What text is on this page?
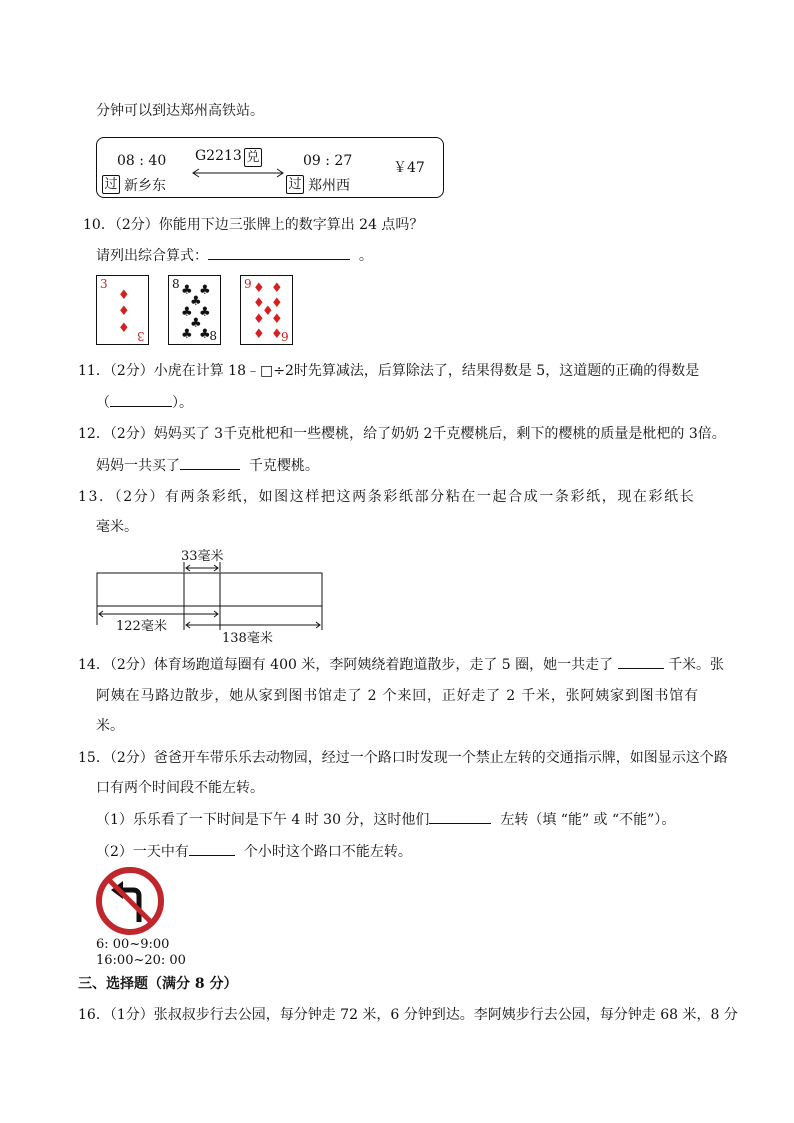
分钟可以到达郑州高铁站。
08 : 40 G2213 兑	09 : 27	￥47
过 新乡东	过 郑州西
10．（2分）你能用下边三张牌上的数字算出 24 点吗？
请列出综合算式：	。
3
♦
♦
♦ 3
8 ♣ ♣
♣
♣ ♣
♣
♣ ♣
8
9 ♦ ♦
♦ ♦
♦
♦ ♦
♦ ♦
6
11．（2分）小虎在计算 18﹣□÷2时先算减法，后算除法了，结果得数是 5，这道题的正确的得数是
（	）。
12．（2分）妈妈买了 3千克枇杷和一些樱桃，给了奶奶 2千克樱桃后，剩下的樱桃的质量是枇杷的 3倍。
妈妈一共买了	千克樱桃。
13．（2分）有两条彩纸，如图这样把这两条彩纸部分粘在一起合成一条彩纸，现在彩纸长
毫米。
33毫米
122毫米
138毫米
14．（2分）体育场跑道每圈有 400 米，李阿姨绕着跑道散步，走了 5 圈，她一共走了	千米。张
阿姨在马路边散步，她从家到图书馆走了 2 个来回，正好走了 2 千米，张阿姨家到图书馆有
米。
15．（2分）爸爸开车带乐乐去动物园，经过一个路口时发现一个禁止左转的交通指示牌，如图显示这个路
口有两个时间段不能左转。
（1）乐乐看了一下时间是下午 4 时 30 分，这时他们	左转（填 “能” 或 “不能”）。
（2）一天中有	个小时这个路口不能左转。
6: 00~9:00
16:00~20: 00
三、选择题（满分 8 分）
16．（1分）张叔叔步行去公园，每分钟走 72 米，6 分钟到达。李阿姨步行去公园，每分钟走 68 米，8 分
